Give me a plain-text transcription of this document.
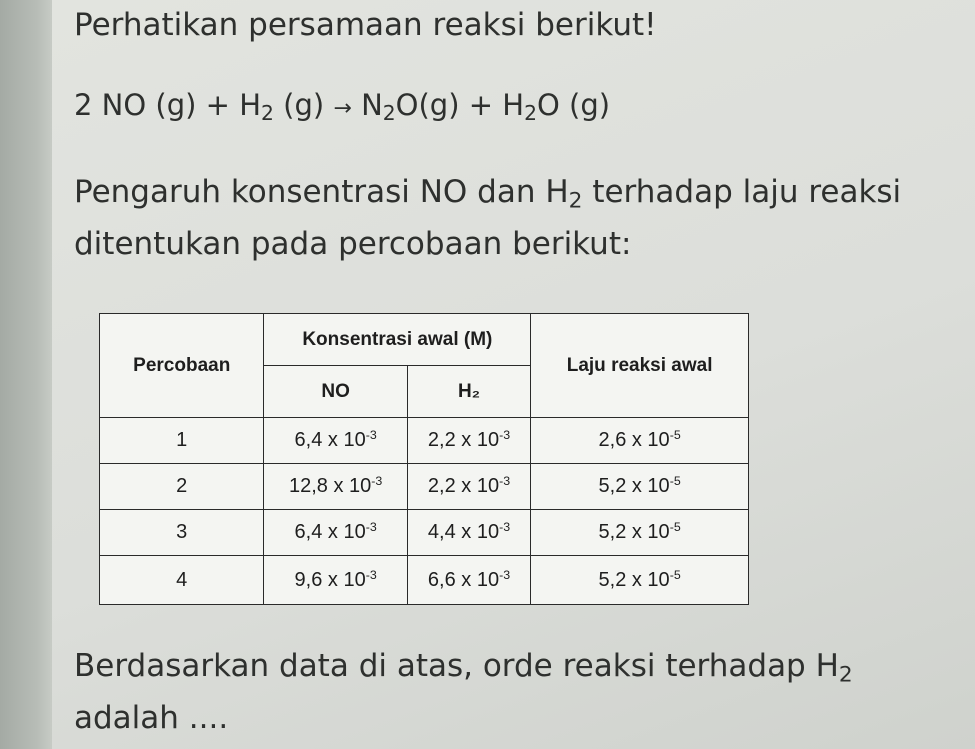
Perhatikan persamaan reaksi berikut!

2 NO $(g) + H_2$ $(g) \to N_2O(g) + H_2O$ (g)

Pengaruh konsentrasi NO dan $H_2$ terhadap laju reaksi ditentukan pada percobaan berikut:

Percobaan	Konsentrasi awal (M)		Laju reaksi awal
	NO	H₂	
1	6,4 x $10^{-3}$	2,2 x $10^{-3}$	2,6 x $10^{-5}$
2	12,8 x $10^{-3}$	2,2 x $10^{-3}$	5,2 x $10^{-5}$
3	6,4 x $10^{-3}$	4,4 x $10^{-3}$	5,2 x $10^{-5}$
4	9,6 x $10^{-3}$	6,6 x $10^{-3}$	5,2 x $10^{-5}$

Berdasarkan data di atas, orde reaksi terhadap $H_2$ adalah ....
